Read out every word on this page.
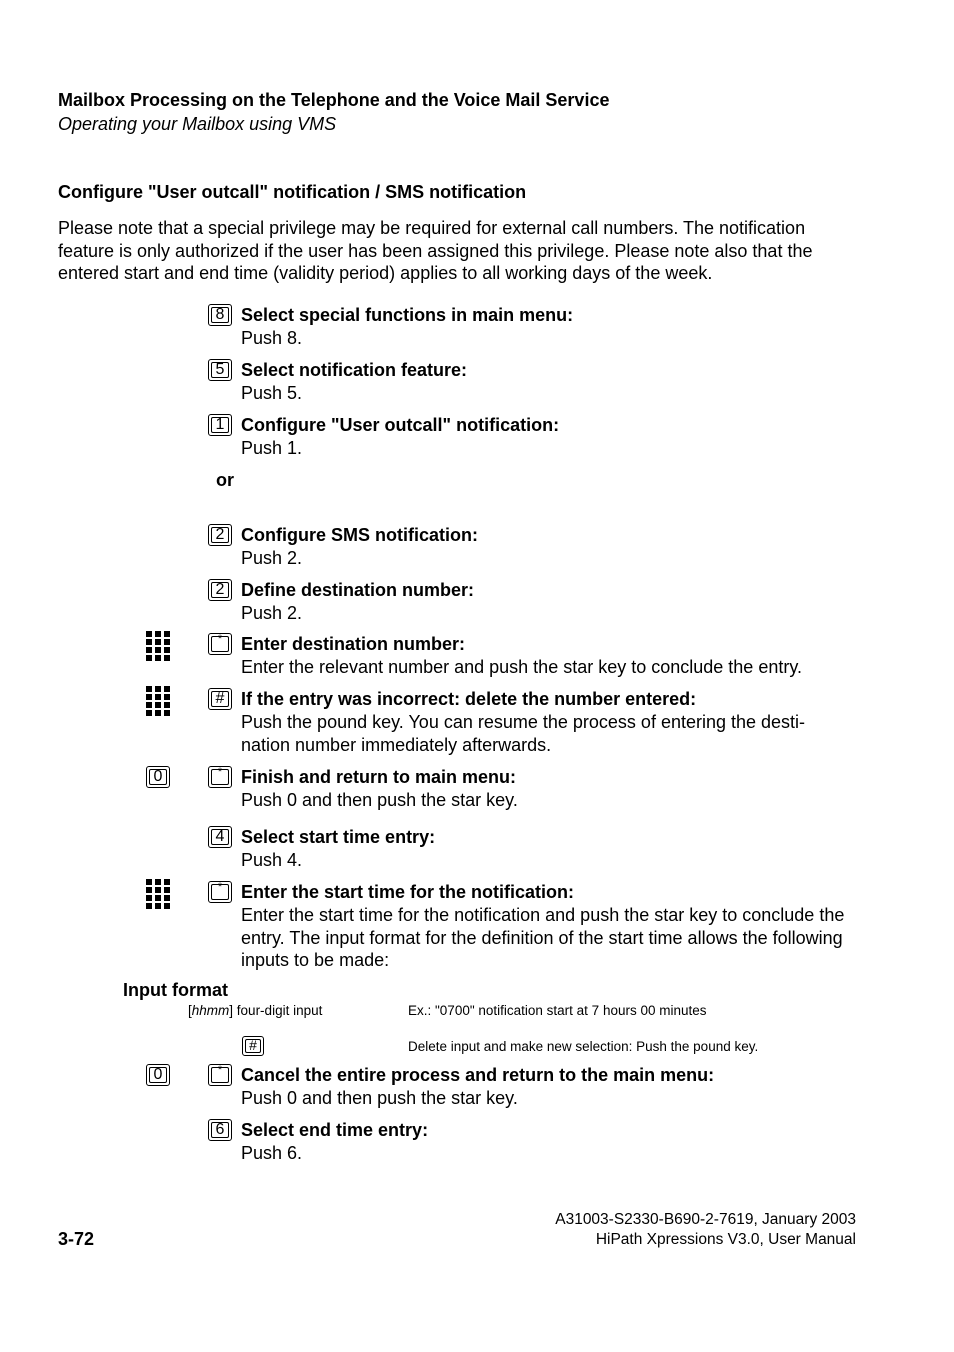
Mailbox Processing on the Telephone and the Voice Mail Service
Operating your Mailbox using VMS
Configure "User outcall" notification / SMS notification
Please note that a special privilege may be required for external call numbers. The notification feature is only authorized if the user has been assigned this privilege. Please note also that the entered start and end time (validity period) applies to all working days of the week.
8 Select special functions in main menu:
Push 8.
5 Select notification feature:
Push 5.
1 Configure "User outcall" notification:
Push 1.
or
2 Configure SMS notification:
Push 2.
2 Define destination number:
Push 2.
*	Enter destination number:
Enter the relevant number and push the star key to conclude the entry.
# If the entry was incorrect: delete the number entered:
Push the pound key. You can resume the process of entering the desti-nation number immediately afterwards.
0	*	Finish and return to main menu:
Push 0 and then push the star key.
4 Select start time entry:
Push 4.
*	Enter the start time for the notification:
Enter the start time for the notification and push the star key to conclude the entry. The input format for the definition of the start time allows the following inputs to be made:
Input format
[hhmm] four-digit input	Ex.: "0700" notification start at 7 hours 00 minutes
#	Delete input and make new selection: Push the pound key.
0	*	Cancel the entire process and return to the main menu:
Push 0 and then push the star key.
6 Select end time entry:
Push 6.
3-72
A31003-S2330-B690-2-7619, January 2003
HiPath Xpressions V3.0, User Manual
